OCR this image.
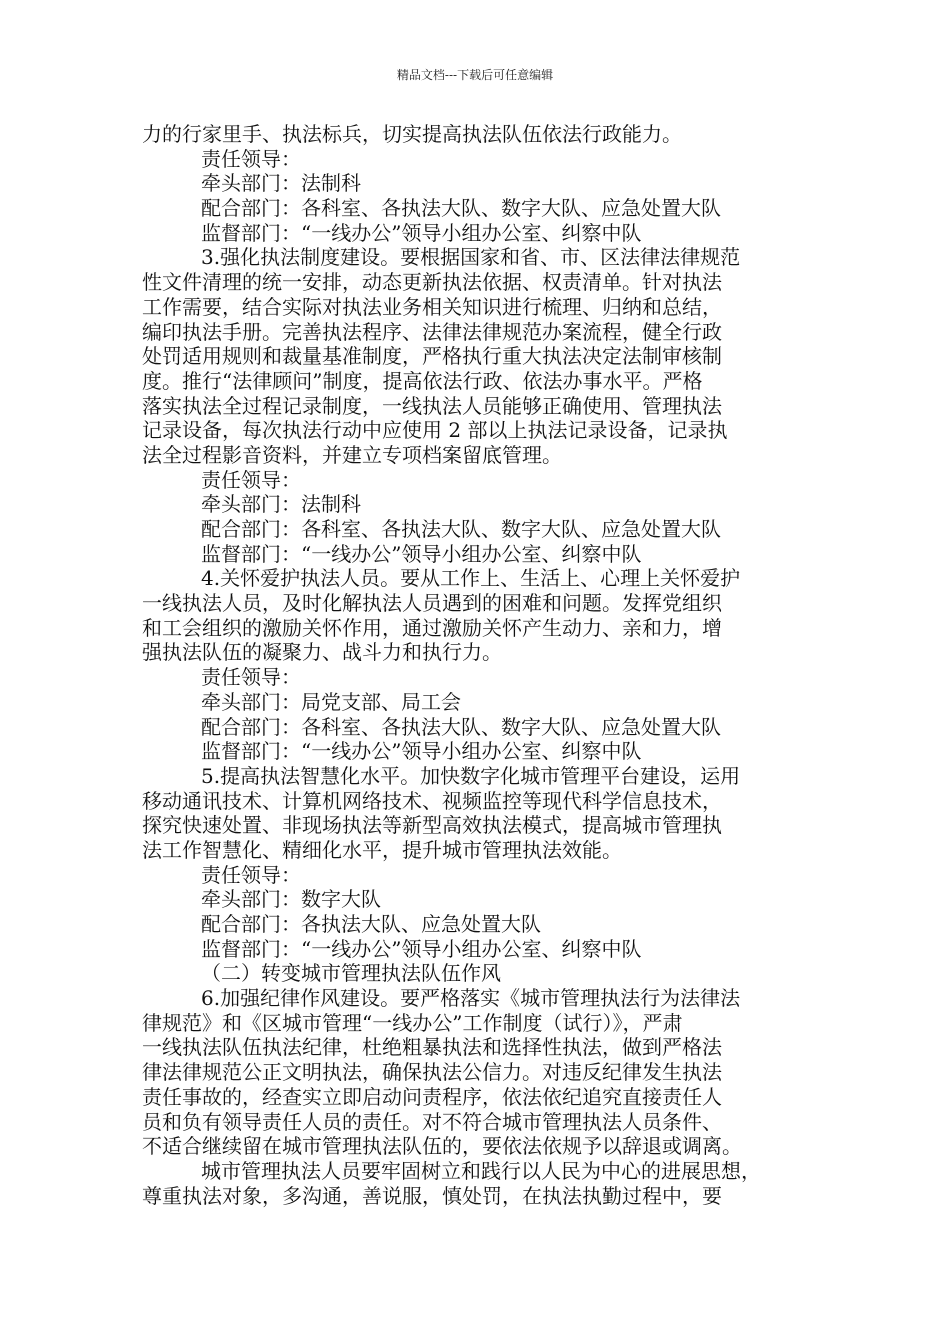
精品文档---下载后可任意编辑
力的行家里手、执法标兵，切实提高执法队伍依法行政能力。
责任领导：
牵头部门：法制科
配合部门：各科室、各执法大队、数字大队、应急处置大队
监督部门：“一线办公”领导小组办公室、纠察中队
3.强化执法制度建设。要根据国家和省、市、区法律法律规范
性文件清理的统一安排，动态更新执法依据、权责清单。针对执法
工作需要，结合实际对执法业务相关知识进行梳理、归纳和总结，
编印执法手册。完善执法程序、法律法律规范办案流程，健全行政
处罚适用规则和裁量基准制度，严格执行重大执法决定法制审核制
度。推行“法律顾问”制度，提高依法行政、依法办事水平。严格
落实执法全过程记录制度，一线执法人员能够正确使用、管理执法
记录设备，每次执法行动中应使用 2 部以上执法记录设备，记录执
法全过程影音资料，并建立专项档案留底管理。
责任领导：
牵头部门：法制科
配合部门：各科室、各执法大队、数字大队、应急处置大队
监督部门：“一线办公”领导小组办公室、纠察中队
4.关怀爱护执法人员。要从工作上、生活上、心理上关怀爱护
一线执法人员，及时化解执法人员遇到的困难和问题。发挥党组织
和工会组织的激励关怀作用，通过激励关怀产生动力、亲和力，增
强执法队伍的凝聚力、战斗力和执行力。
责任领导：
牵头部门：局党支部、局工会
配合部门：各科室、各执法大队、数字大队、应急处置大队
监督部门：“一线办公”领导小组办公室、纠察中队
5.提高执法智慧化水平。加快数字化城市管理平台建设，运用
移动通讯技术、计算机网络技术、视频监控等现代科学信息技术，
探究快速处置、非现场执法等新型高效执法模式，提高城市管理执
法工作智慧化、精细化水平，提升城市管理执法效能。
责任领导：
牵头部门：数字大队
配合部门：各执法大队、应急处置大队
监督部门：“一线办公”领导小组办公室、纠察中队
（二）转变城市管理执法队伍作风
6.加强纪律作风建设。要严格落实《城市管理执法行为法律法
律规范》和《区城市管理“一线办公”工作制度（试行）》，严肃
一线执法队伍执法纪律，杜绝粗暴执法和选择性执法，做到严格法
律法律规范公正文明执法，确保执法公信力。对违反纪律发生执法
责任事故的，经查实立即启动问责程序，依法依纪追究直接责任人
员和负有领导责任人员的责任。对不符合城市管理执法人员条件、
不适合继续留在城市管理执法队伍的，要依法依规予以辞退或调离。
城市管理执法人员要牢固树立和践行以人民为中心的进展思想，
尊重执法对象，多沟通，善说服，慎处罚，在执法执勤过程中，要
